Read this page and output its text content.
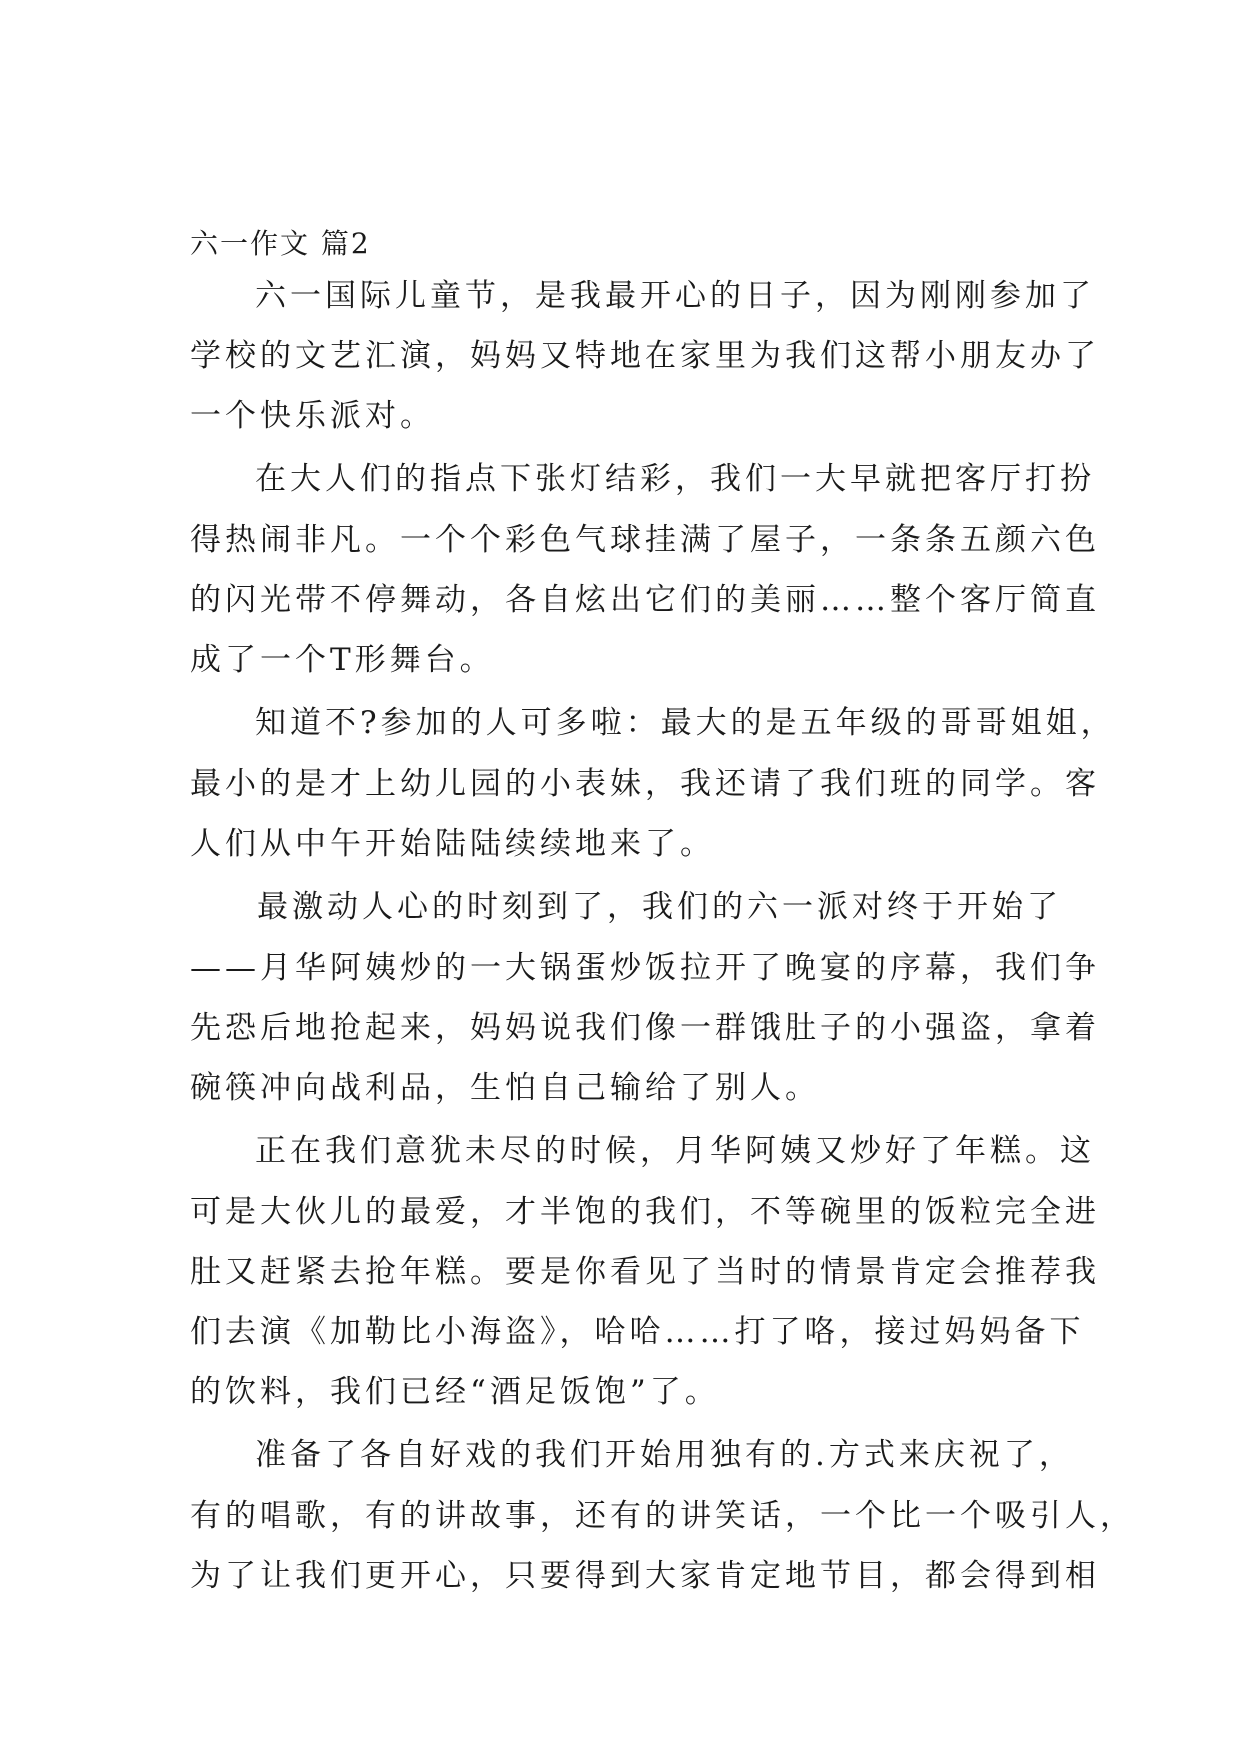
六一作文 篇2
六一国际儿童节，是我最开心的日子，因为刚刚参加了
学校的文艺汇演，妈妈又特地在家里为我们这帮小朋友办了
一个快乐派对。
在大人们的指点下张灯结彩，我们一大早就把客厅打扮
得热闹非凡。一个个彩色气球挂满了屋子，一条条五颜六色
的闪光带不停舞动，各自炫出它们的美丽……整个客厅简直
成了一个T形舞台。
知道不?参加的人可多啦：最大的是五年级的哥哥姐姐，
最小的是才上幼儿园的小表妹，我还请了我们班的同学。客
人们从中午开始陆陆续续地来了。
最激动人心的时刻到了，我们的六一派对终于开始了
——月华阿姨炒的一大锅蛋炒饭拉开了晚宴的序幕，我们争
先恐后地抢起来，妈妈说我们像一群饿肚子的小强盗，拿着
碗筷冲向战利品，生怕自己输给了别人。
正在我们意犹未尽的时候，月华阿姨又炒好了年糕。这
可是大伙儿的最爱，才半饱的我们，不等碗里的饭粒完全进
肚又赶紧去抢年糕。要是你看见了当时的情景肯定会推荐我
们去演《加勒比小海盗》，哈哈……打了咯，接过妈妈备下
的饮料，我们已经“酒足饭饱”了。
准备了各自好戏的我们开始用独有的.方式来庆祝了，
有的唱歌，有的讲故事，还有的讲笑话，一个比一个吸引人，
为了让我们更开心，只要得到大家肯定地节目，都会得到相
